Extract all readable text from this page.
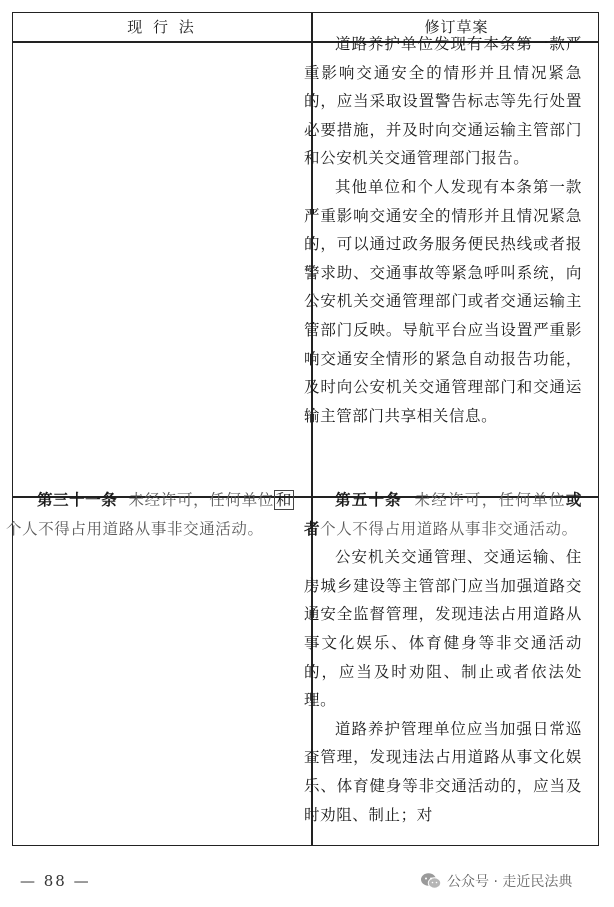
现 行 法	修订草案

道路养护单位发现有本条第一款严重影响交通安全的情形并且情况紧急的，应当采取设置警告标志等先行处置必要措施，并及时向交通运输主管部门和公安机关交通管理部门报告。

其他单位和个人发现有本条第一款严重影响交通安全的情形并且情况紧急的，可以通过政务服务便民热线或者报警求助、交通事故等紧急呼叫系统，向公安机关交通管理部门或者交通运输主管部门反映。导航平台应当设置严重影响交通安全情形的紧急自动报告功能，及时向公安机关交通管理部门和交通运输主管部门共享相关信息。

第三十一条 未经许可，任何单位 和个人不得占用道路从事非交通活动。

第五十条 未经许可，任何单位或者个人不得占用道路从事非交通活动。

公安机关交通管理、交通运输、住房城乡建设等主管部门应当加强道路交通安全监督管理，发现违法占用道路从事文化娱乐、体育健身等非交通活动的，应当及时劝阻、制止或者依法处理。

道路养护管理单位应当加强日常巡查管理，发现违法占用道路从事文化娱乐、体育健身等非交通活动的，应当及时劝阻、制止；对

— 88 —	公众号 · 走近民法典
